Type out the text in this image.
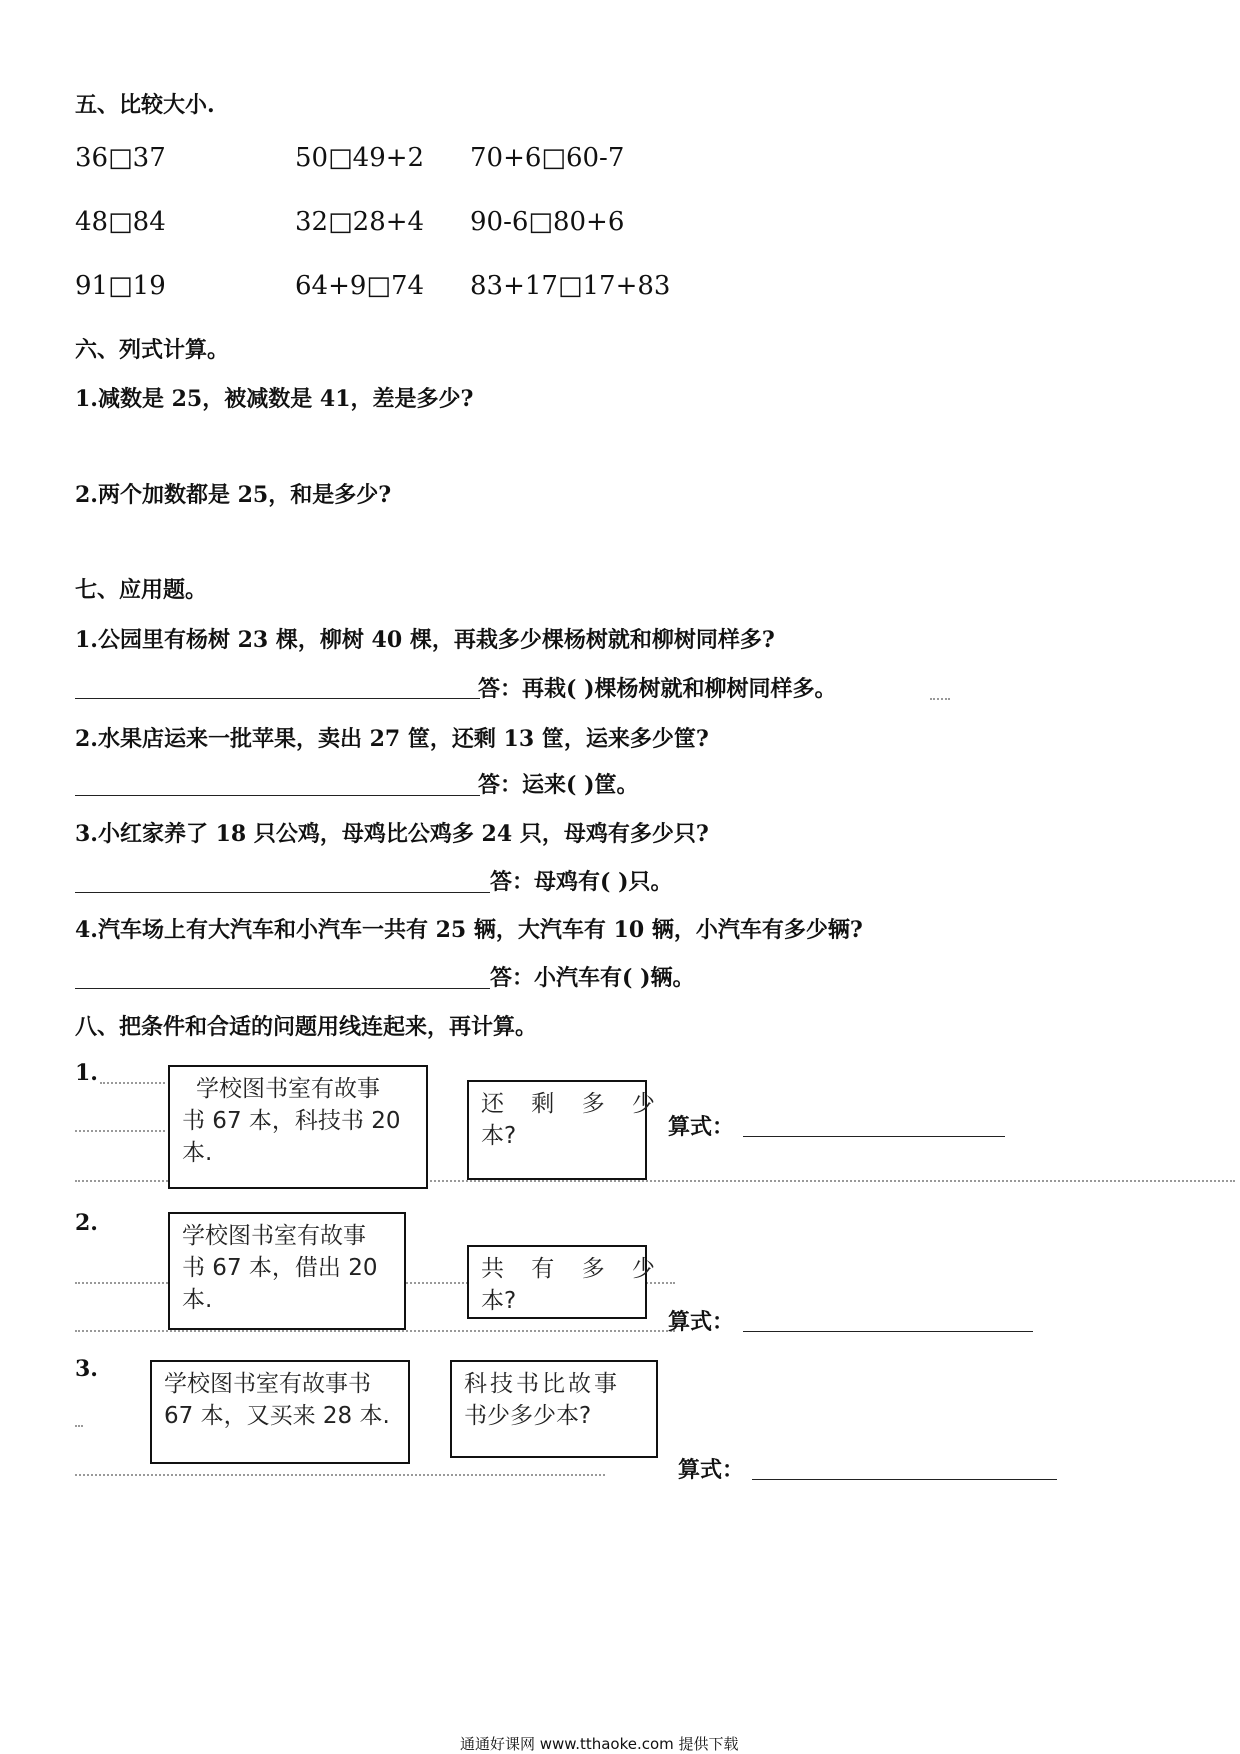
五、比较大小.
36□37	50□49+2 70+6□60-7
48□84	32□28+4 90-6□80+6
91□19	64+9□74 83+17□17+83
六、列式计算。
1.减数是 25，被减数是 41，差是多少?
2.两个加数都是 25，和是多少?
七、应用题。
1.公园里有杨树 23 棵，柳树 40 棵，再栽多少棵杨树就和柳树同样多?
答：再栽( )棵杨树就和柳树同样多。
2.水果店运来一批苹果，卖出 27 筐，还剩 13 筐，运来多少筐?
答：运来( )筐。
3.小红家养了 18 只公鸡，母鸡比公鸡多 24 只，母鸡有多少只?
答：母鸡有( )只。
4.汽车场上有大汽车和小汽车一共有 25 辆，大汽车有 10 辆，小汽车有多少辆?
答：小汽车有( )辆。
八、把条件和合适的问题用线连起来，再计算。
1.
学校图书室有故事
书 67 本，科技书 20
本.
还 剩 多 少
本?	算式：
2.	学校图书室有故事
书 67 本，借出 20
本.
共 有 多 少
本?
算式：
3.
学校图书室有故事书
67 本，又买来 28 本.
科技书比故事
书少多少本?
算式：
通通好课网 www.tthaoke.com 提供下载
